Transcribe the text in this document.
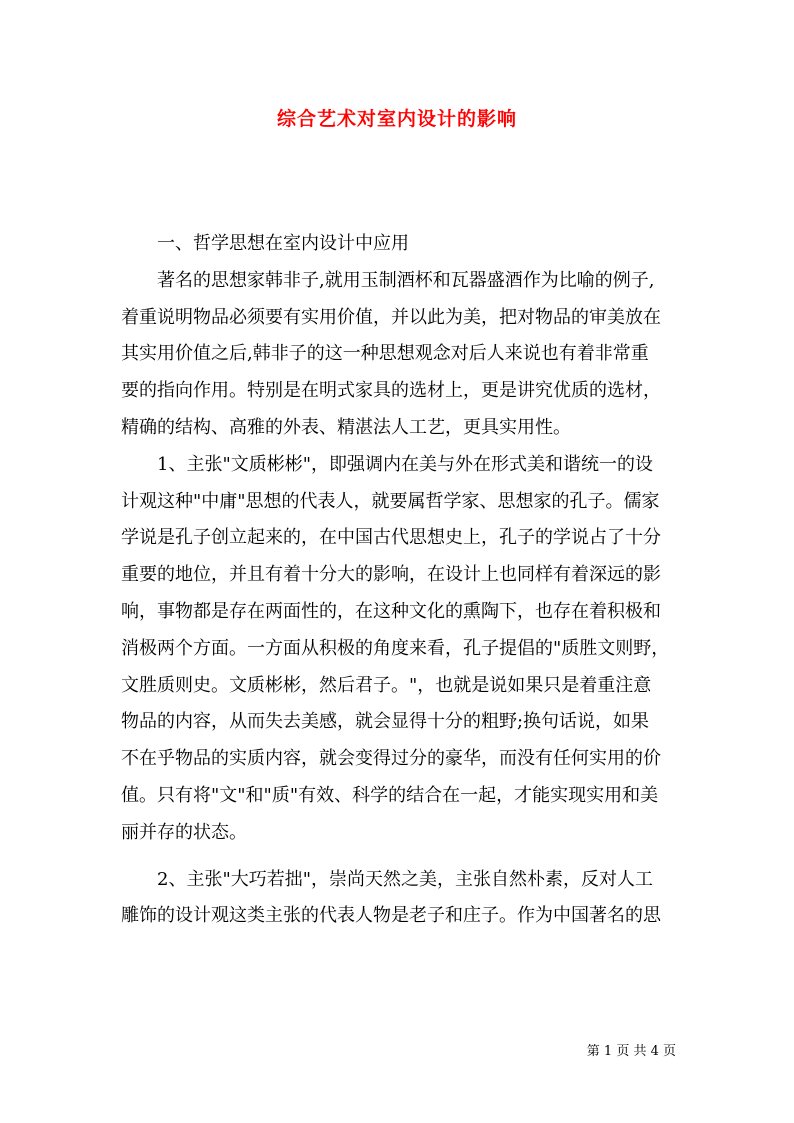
综合艺术对室内设计的影响
一、哲学思想在室内设计中应用
著名的思想家韩非子,就用玉制酒杯和瓦器盛酒作为比喻的例子,
着重说明物品必须要有实用价值，并以此为美，把对物品的审美放在
其实用价值之后,韩非子的这一种思想观念对后人来说也有着非常重
要的指向作用。特别是在明式家具的选材上，更是讲究优质的选材，
精确的结构、高雅的外表、精湛法人工艺，更具实用性。
1、主张"文质彬彬"，即强调内在美与外在形式美和谐统一的设
计观这种"中庸"思想的代表人，就要属哲学家、思想家的孔子。儒家
学说是孔子创立起来的，在中国古代思想史上，孔子的学说占了十分
重要的地位，并且有着十分大的影响，在设计上也同样有着深远的影
响，事物都是存在两面性的，在这种文化的熏陶下，也存在着积极和
消极两个方面。一方面从积极的角度来看，孔子提倡的"质胜文则野，
文胜质则史。文质彬彬，然后君子。"，也就是说如果只是着重注意
物品的内容，从而失去美感，就会显得十分的粗野;换句话说，如果
不在乎物品的实质内容，就会变得过分的豪华，而没有任何实用的价
值。只有将"文"和"质"有效、科学的结合在一起，才能实现实用和美
丽并存的状态。
2、主张"大巧若拙"，崇尚天然之美，主张自然朴素，反对人工
雕饰的设计观这类主张的代表人物是老子和庄子。作为中国著名的思
第 1 页 共 4 页
